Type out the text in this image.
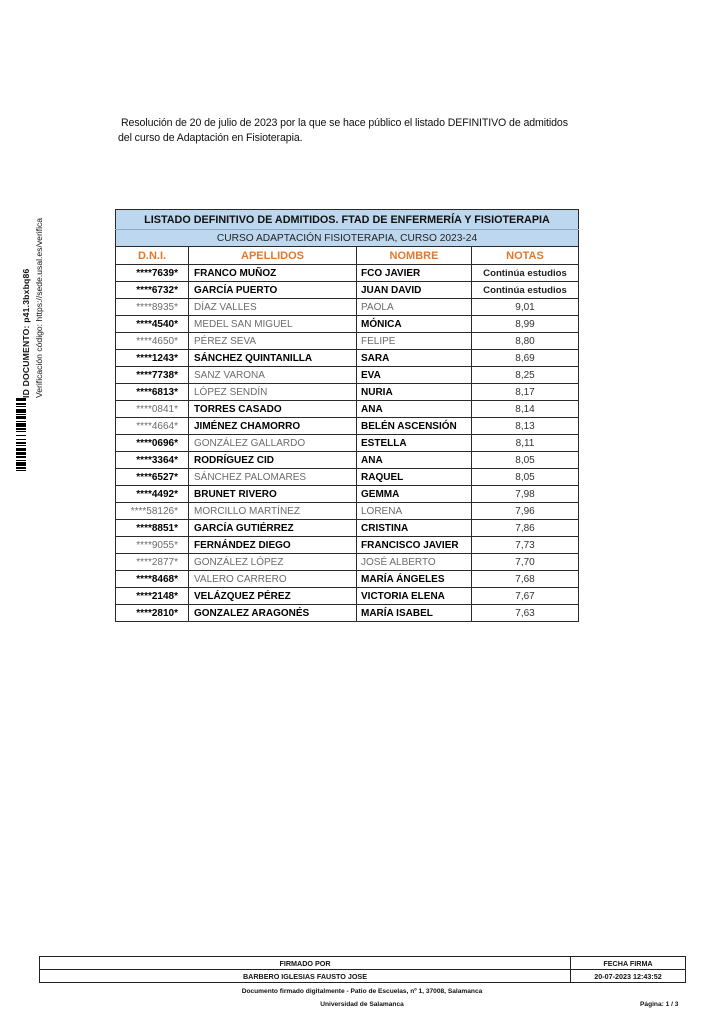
Resolución de 20 de julio de 2023 por la que se hace público el listado DEFINITIVO de admitidos
del curso de Adaptación en Fisioterapia.
ID DOCUMENTO: p41.3bxbq86 Verificación código: https://sede.usal.es/verifica	LISTADO DEFINITIVO DE ADMITIDOS. FTAD DE ENFERMERÍA Y FISIOTERAPIA			
CURSO ADAPTACIÓN FISIOTERAPIA, CURSO 2023-24			
D.N.I.	APELLIDOS	NOMBRE	NOTAS
****7639*	FRANCO MUÑOZ	FCO JAVIER	Continúa estudios
****6732*	GARCÍA PUERTO	JUAN DAVID	Continúa estudios
****8935*	DÍAZ VALLES	PAOLA	9,01
****4540*	MEDEL SAN MIGUEL	MÓNICA	8,99
****4650*	PÉREZ SEVA	FELIPE	8,80
****1243*	SÁNCHEZ QUINTANILLA	SARA	8,69
****7738*	SANZ VARONA	EVA	8,25
****6813*	LÓPEZ SENDÍN	NURIA	8,17
****0841*	TORRES CASADO	ANA	8,14
****4664*	JIMÉNEZ CHAMORRO	BELÉN ASCENSIÓN	8,13
****0696*	GONZÁLEZ GALLARDO	ESTELLA	8,11
****3364*	RODRÍGUEZ CID	ANA	8,05
****6527*	SÁNCHEZ PALOMARES	RAQUEL	8,05
****4492*	BRUNET RIVERO	GEMMA	7,98
****58126*	MORCILLO MARTÍNEZ	LORENA	7,96
****8851*	GARCÍA GUTIÉRREZ	CRISTINA	7,86
****9055*	FERNÁNDEZ DIEGO	FRANCISCO JAVIER	7,73
****2877*	GONZÁLEZ LÓPEZ	JOSÉ ALBERTO	7,70
****8468*	VALERO CARRERO	MARÍA ÁNGELES	7,68
****2148*	VELÁZQUEZ PÉREZ	VICTORIA ELENA	7,67
****2810*	GONZALEZ ARAGONÉS	MARÍA ISABEL	7,63
FIRMADO POR	FECHA FIRMA
BARBERO IGLESIAS FAUSTO JOSE	20-07-2023 12:43:52
Documento firmado digitalmente - Patio de Escuelas, nº 1, 37008, Salamanca
Universidad de Salamanca	Página: 1 / 3
